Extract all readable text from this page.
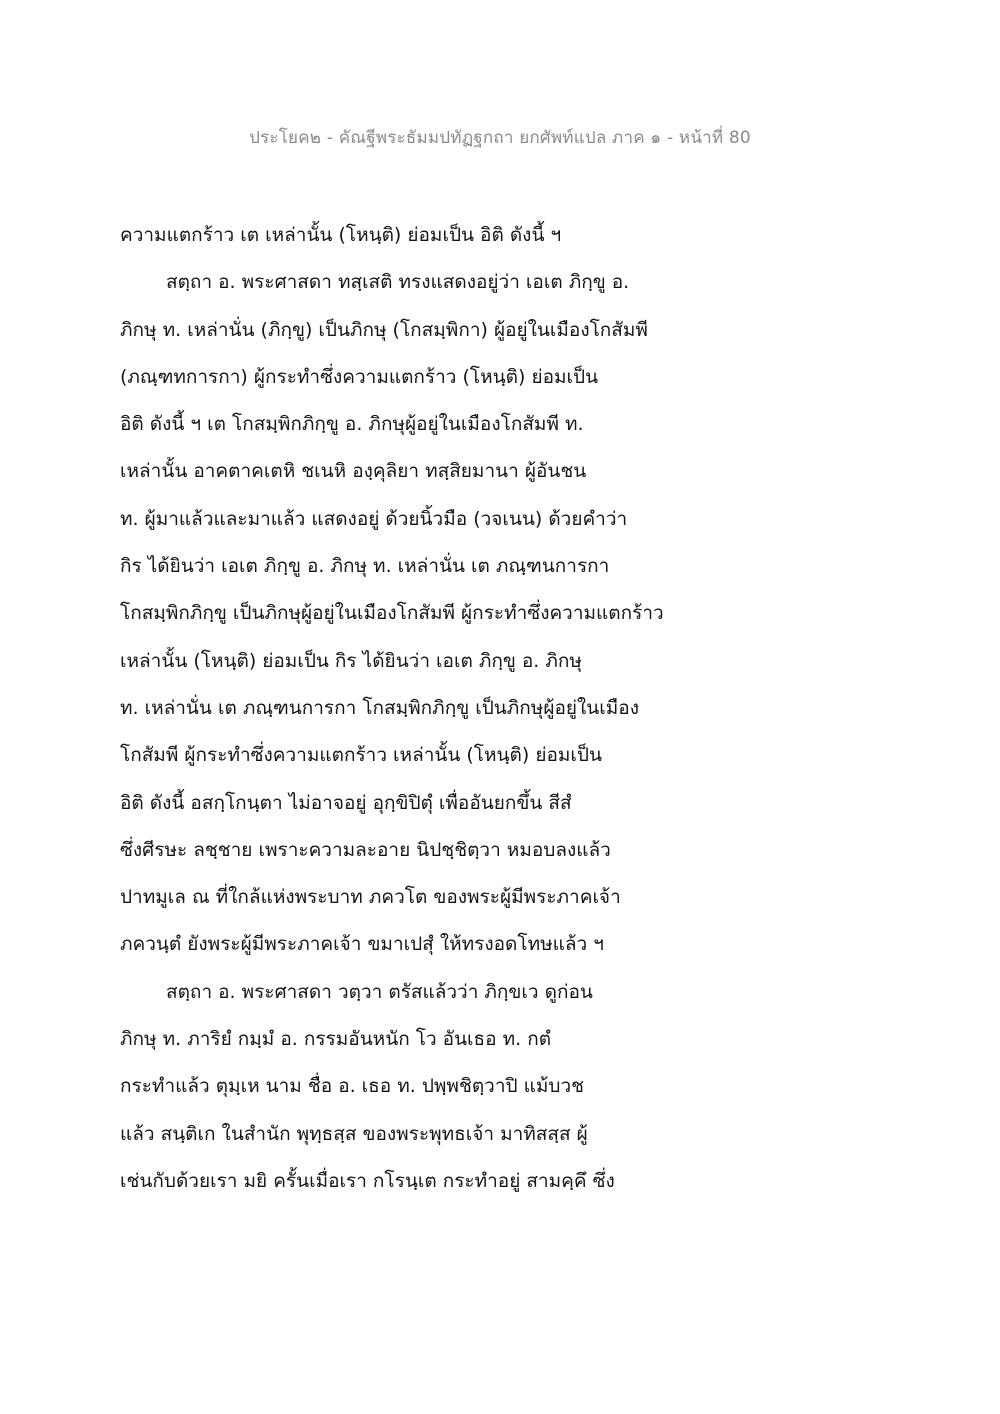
ประโยค๒ - คัณฐีพระธัมมปทัฏฐกถา ยกศัพท์แปล ภาค ๑ - หน้าที่ 80
ความแตกร้าว เต เหล่านั้น (โหนฺติ) ย่อมเป็น อิติ ดังนี้ ฯ
สตฺถา อ. พระศาสดา ทสฺเสติ ทรงแสดงอยู่ว่า เอเต ภิกฺขู อ.
ภิกษุ ท. เหล่านั่น (ภิกฺขู) เป็นภิกษุ (โกสมฺพิกา) ผู้อยู่ในเมืองโกสัมพี
(ภณฺฑทการกา) ผู้กระทำซึ่งความแตกร้าว (โหนฺติ) ย่อมเป็น
อิติ ดังนี้ ฯ เต โกสมฺพิกภิกฺขู อ. ภิกษุผู้อยู่ในเมืองโกสัมพี ท.
เหล่านั้น อาคตาคเตหิ ชเนหิ องฺคุลิยา ทสฺสิยมานา ผู้อันชน
ท. ผู้มาแล้วและมาแล้ว แสดงอยู่ ด้วยนิ้วมือ (วจเนน) ด้วยคำว่า
กิร ได้ยินว่า เอเต ภิกฺขู อ. ภิกษุ ท. เหล่านั่น เต ภณฺฑนการกา
โกสมฺพิกภิกฺขู เป็นภิกษุผู้อยู่ในเมืองโกสัมพี ผู้กระทำซึ่งความแตกร้าว
เหล่านั้น (โหนฺติ) ย่อมเป็น กิร ได้ยินว่า เอเต ภิกฺขู อ. ภิกษุ
ท. เหล่านั่น เต ภณฺฑนการกา โกสมฺพิกภิกฺขู เป็นภิกษุผู้อยู่ในเมือง
โกสัมพี ผู้กระทำซึ่งความแตกร้าว เหล่านั้น (โหนฺติ) ย่อมเป็น
อิติ ดังนี้ อสกฺโกนฺตา ไม่อาจอยู่ อุกฺขิปิตุํ เพื่ออันยกขึ้น สีสํ
ซึ่งศีรษะ ลชฺชาย เพราะความละอาย นิปชฺชิตฺวา หมอบลงแล้ว
ปาทมูเล ณ ที่ใกล้แห่งพระบาท ภควโต ของพระผู้มีพระภาคเจ้า
ภควนฺตํ ยังพระผู้มีพระภาคเจ้า ขมาเปสุํ ให้ทรงอดโทษแล้ว ฯ
สตฺถา อ. พระศาสดา วตฺวา ตรัสแล้วว่า ภิกฺขเว ดูก่อน
ภิกษุ ท. ภาริยํ กมฺมํ อ. กรรมอันหนัก โว อันเธอ ท. กตํ
กระทำแล้ว ตุมฺเห นาม ชื่อ อ. เธอ ท. ปพฺพชิตฺวาปิ แม้บวช
แล้ว สนฺติเก ในสำนัก พุทฺธสฺส ของพระพุทธเจ้า มาทิสสฺส ผู้
เช่นกับด้วยเรา มยิ ครั้นเมื่อเรา กโรนฺเต กระทำอยู่ สามคฺคึ ซึ่ง
